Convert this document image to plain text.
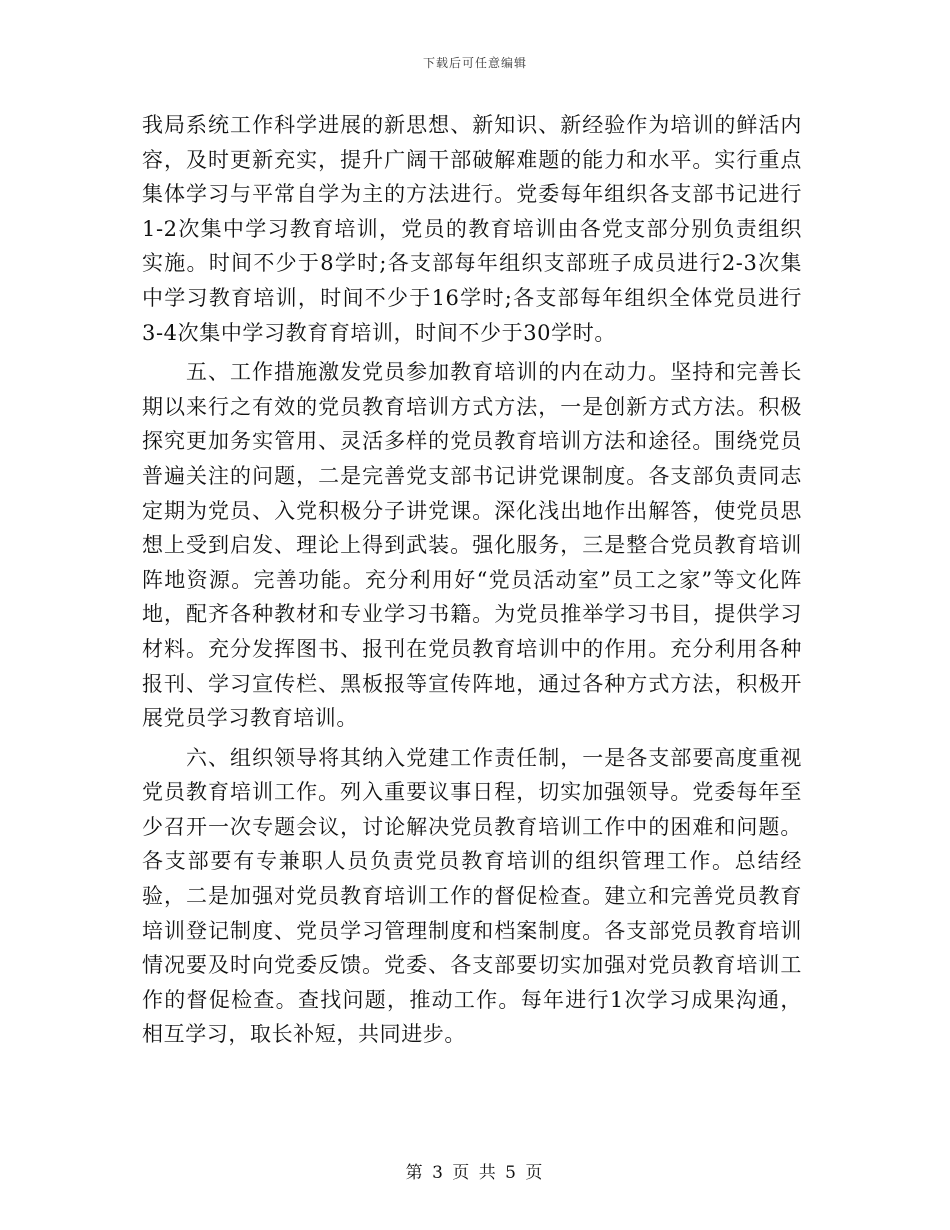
下载后可任意编辑

我局系统工作科学进展的新思想、新知识、新经验作为培训的鲜活内容，及时更新充实，提升广阔干部破解难题的能力和水平。实行重点集体学习与平常自学为主的方法进行。党委每年组织各支部书记进行1-2次集中学习教育培训，党员的教育培训由各党支部分别负责组织实施。时间不少于8学时;各支部每年组织支部班子成员进行2-3次集中学习教育培训，时间不少于16学时;各支部每年组织全体党员进行3-4次集中学习教育育培训，时间不少于30学时。

五、工作措施激发党员参加教育培训的内在动力。坚持和完善长期以来行之有效的党员教育培训方式方法，一是创新方式方法。积极探究更加务实管用、灵活多样的党员教育培训方法和途径。围绕党员普遍关注的问题，二是完善党支部书记讲党课制度。各支部负责同志定期为党员、入党积极分子讲党课。深化浅出地作出解答，使党员思想上受到启发、理论上得到武装。强化服务，三是整合党员教育培训阵地资源。完善功能。充分利用好“党员活动室”员工之家”等文化阵地，配齐各种教材和专业学习书籍。为党员推举学习书目，提供学习材料。充分发挥图书、报刊在党员教育培训中的作用。充分利用各种报刊、学习宣传栏、黑板报等宣传阵地，通过各种方式方法，积极开展党员学习教育培训。

六、组织领导将其纳入党建工作责任制，一是各支部要高度重视党员教育培训工作。列入重要议事日程，切实加强领导。党委每年至少召开一次专题会议，讨论解决党员教育培训工作中的困难和问题。各支部要有专兼职人员负责党员教育培训的组织管理工作。总结经验，二是加强对党员教育培训工作的督促检查。建立和完善党员教育培训登记制度、党员学习管理制度和档案制度。各支部党员教育培训情况要及时向党委反馈。党委、各支部要切实加强对党员教育培训工作的督促检查。查找问题，推动工作。每年进行1次学习成果沟通，相互学习，取长补短，共同进步。

第 3 页 共 5 页
